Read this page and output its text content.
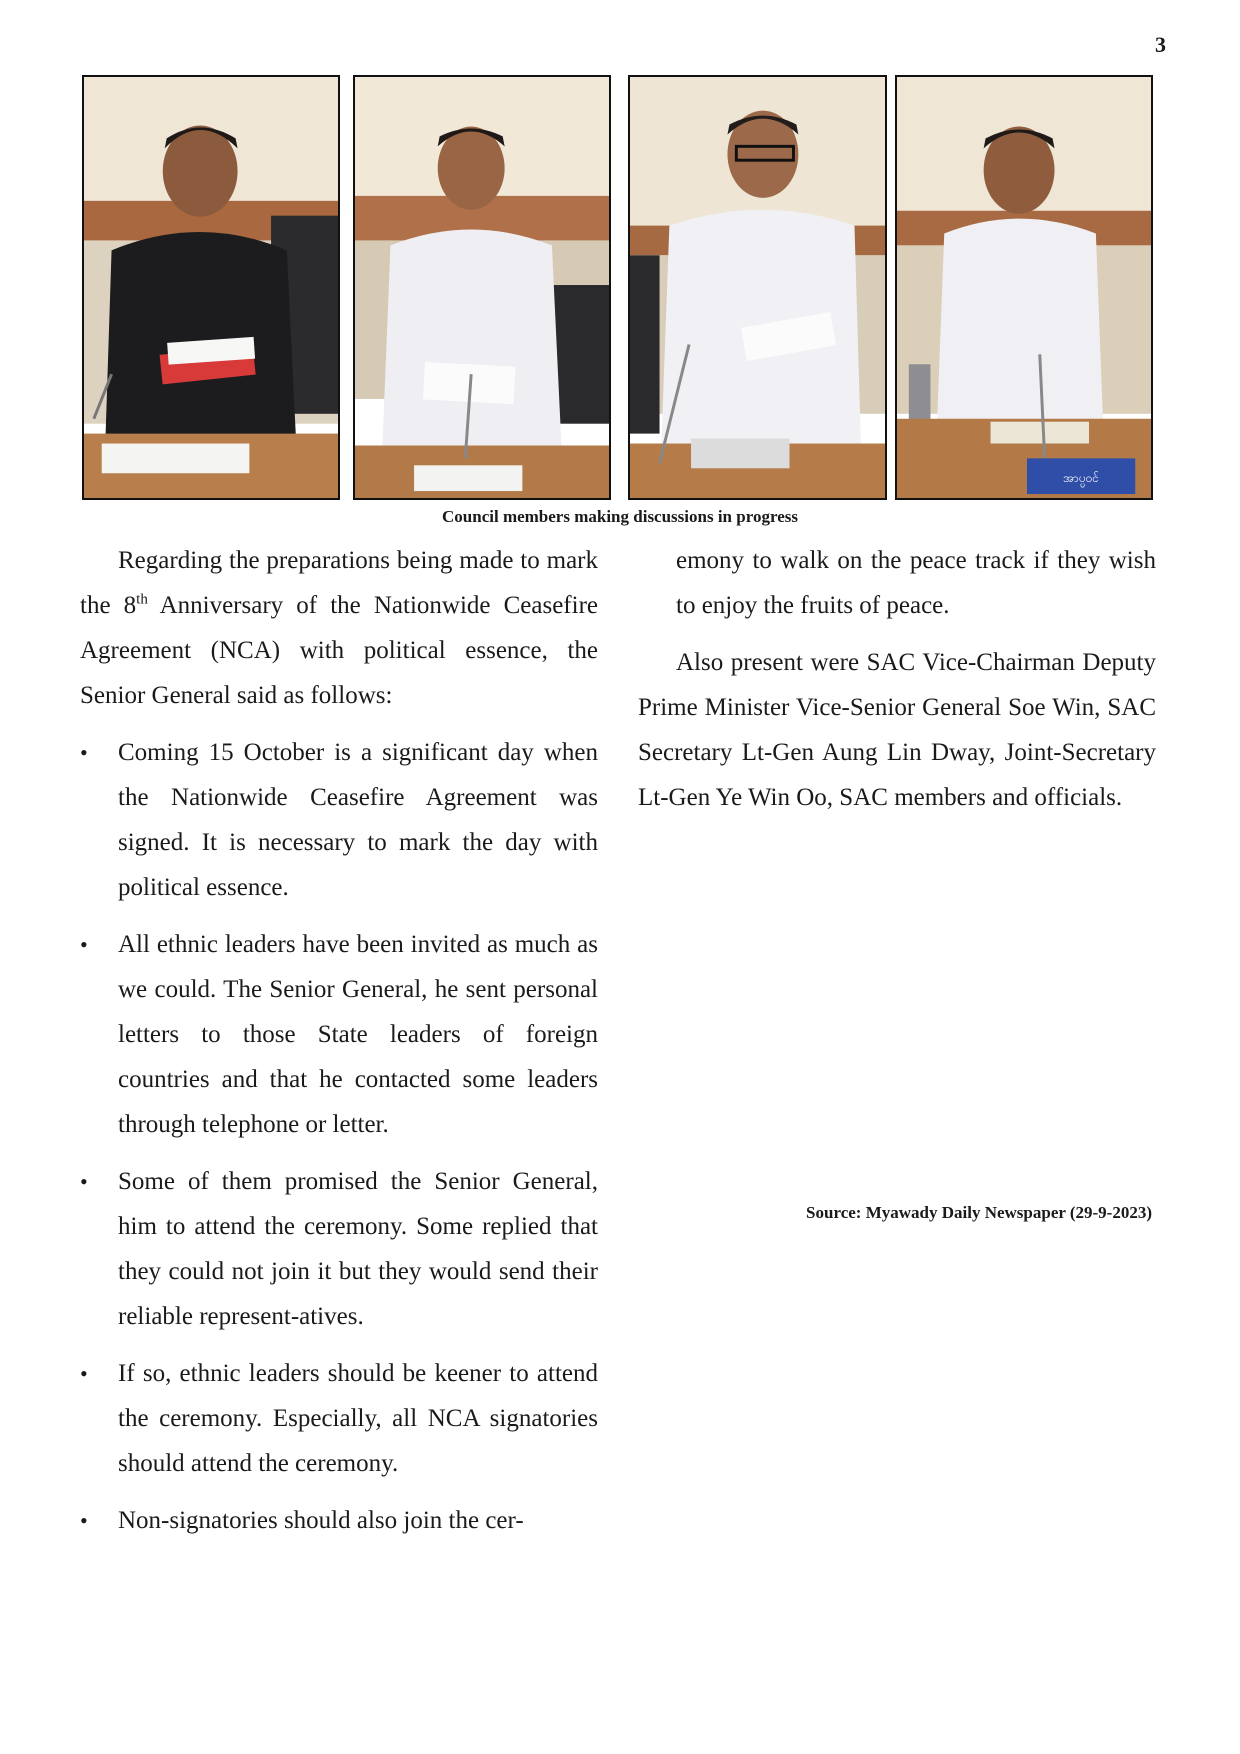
3
အာပ္ပဝင်
Council members making discussions in progress

Regarding the preparations being made to mark the 8th Anniversary of the Nationwide Ceasefire Agreement (NCA) with political essence, the Senior General said as follows:

•	Coming 15 October is a significant day when the Nationwide Ceasefire Agreement was signed. It is necessary to mark the day with political essence.
•	All ethnic leaders have been invited as much as we could. The Senior General, he sent personal letters to those State leaders of foreign countries and that he contacted some leaders through telephone or letter.
•	Some of them promised the Senior General, him to attend the ceremony. Some replied that they could not join it but they would send their reliable represent-atives.
•	If so, ethnic leaders should be keener to attend the ceremony. Especially, all NCA signatories should attend the ceremony.
•	Non-signatories should also join the cer-

emony to walk on the peace track if they wish to enjoy the fruits of peace.

Also present were SAC Vice-Chairman Deputy Prime Minister Vice-Senior General Soe Win, SAC Secretary Lt-Gen Aung Lin Dway, Joint-Secretary Lt-Gen Ye Win Oo, SAC members and officials.

Source: Myawady Daily Newspaper (29-9-2023)
